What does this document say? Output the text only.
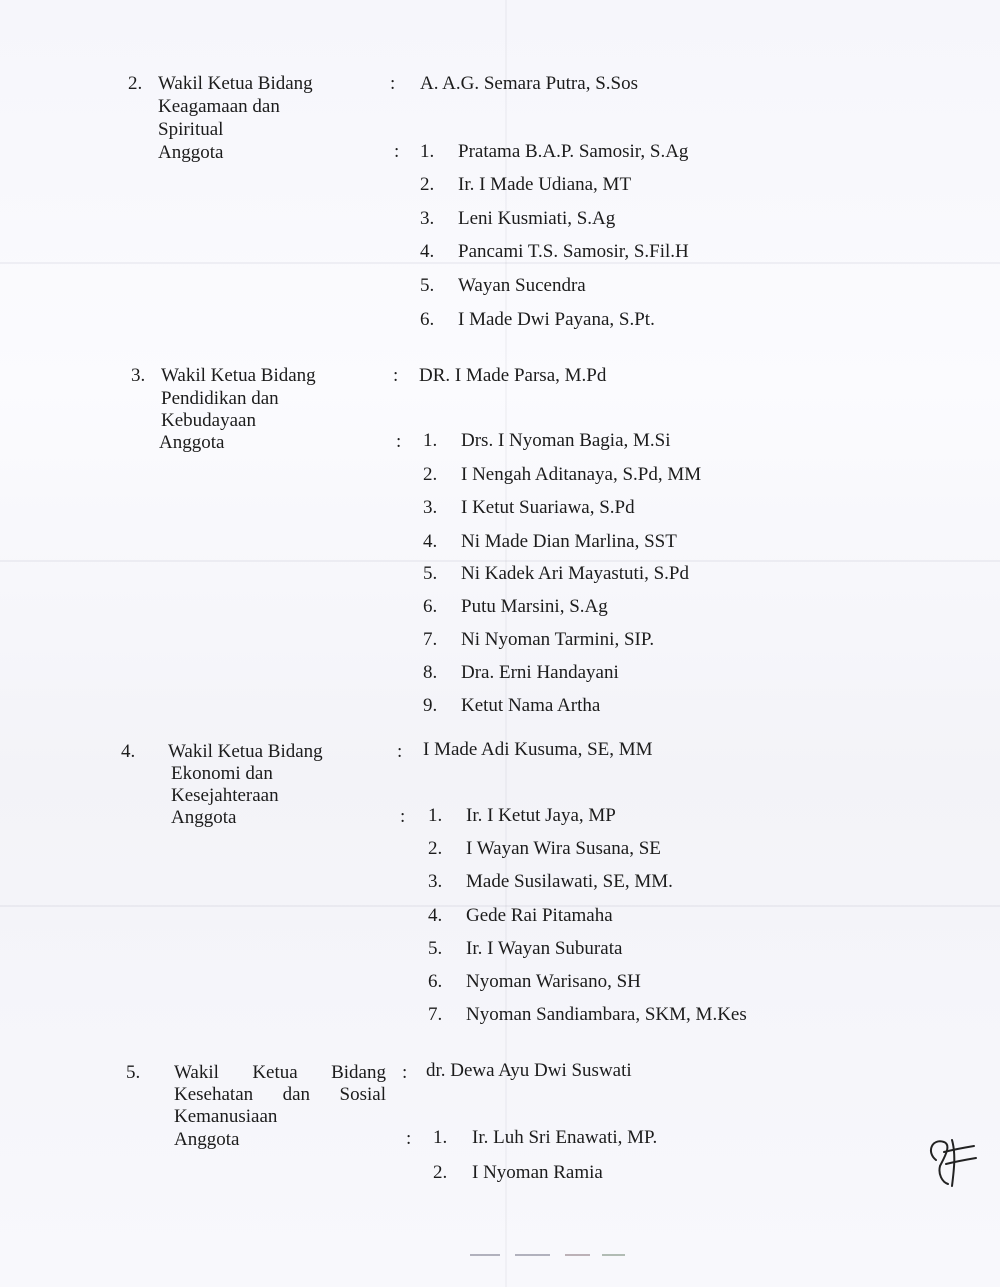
2. Wakil Ketua Bidang
Keagamaan dan
Spiritual
Anggota
: A. A.G. Semara Putra, S.Sos
: 1. Pratama B.A.P. Samosir, S.Ag
2. Ir. I Made Udiana, MT
3. Leni Kusmiati, S.Ag
4. Pancami T.S. Samosir, S.Fil.H
5. Wayan Sucendra
6. I Made Dwi Payana, S.Pt.
3. Wakil Ketua Bidang
Pendidikan dan
Kebudayaan
Anggota
: DR. I Made Parsa, M.Pd
: 1. Drs. I Nyoman Bagia, M.Si
2. I Nengah Aditanaya, S.Pd, MM
3. I Ketut Suariawa, S.Pd
4. Ni Made Dian Marlina, SST
5. Ni Kadek Ari Mayastuti, S.Pd
6. Putu Marsini, S.Ag
7. Ni Nyoman Tarmini, SIP.
8. Dra. Erni Handayani
9. Ketut Nama Artha
4. Wakil Ketua Bidang
Ekonomi dan
Kesejahteraan
Anggota
: I Made Adi Kusuma, SE, MM
: 1. Ir. I Ketut Jaya, MP
2. I Wayan Wira Susana, SE
3. Made Susilawati, SE, MM.
4. Gede Rai Pitamaha
5. Ir. I Wayan Suburata
6. Nyoman Warisano, SH
7. Nyoman Sandiambara, SKM, M.Kes
5. Wakil Ketua Bidang
Kesehatan dan Sosial
Kemanusiaan
Anggota
: dr. Dewa Ayu Dwi Suswati
: 1. Ir. Luh Sri Enawati, MP.
2. I Nyoman Ramia
